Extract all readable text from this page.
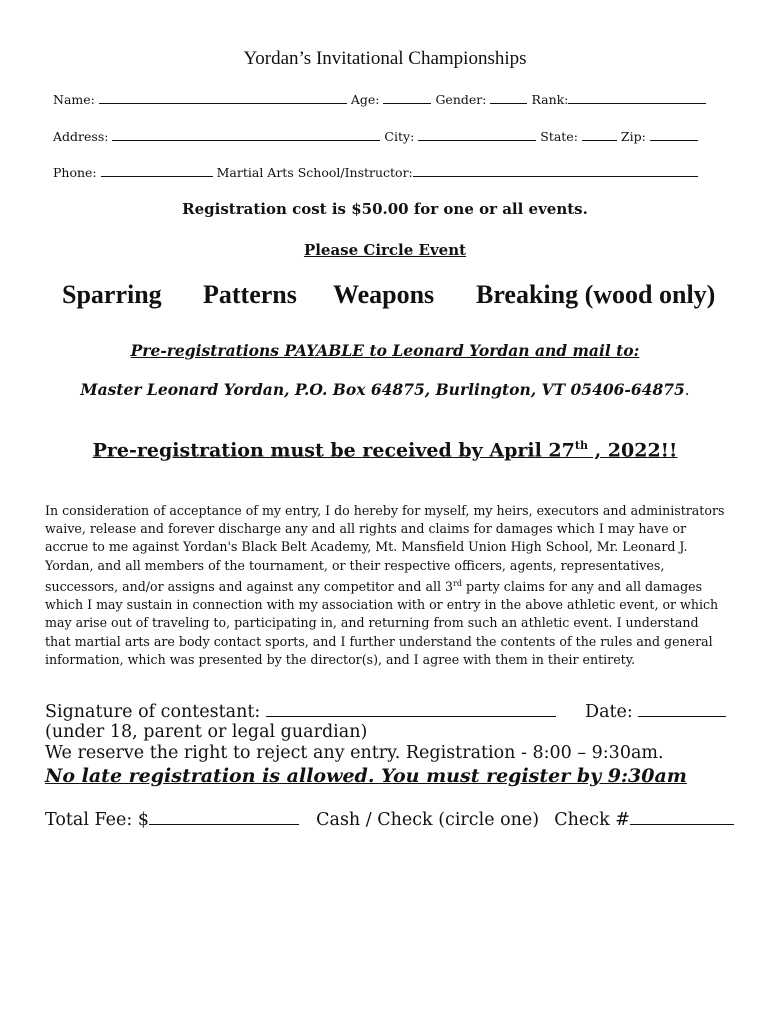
Yordan’s Invitational Championships
Name:	Age:	Gender:	Rank:
Address:	City:	State:	Zip:
Phone:	Martial Arts School/Instructor:
Registration cost is $50.00 for one or all events.
Please Circle Event
Sparring Patterns Weapons Breaking (wood only)
Pre-registrations PAYABLE to Leonard Yordan and mail to:
Master Leonard Yordan, P.O. Box 64875, Burlington, VT 05406-64875.
Pre-registration must be received by April 27th , 2022!!
In consideration of acceptance of my entry, I do hereby for myself, my heirs, executors and administrators waive, release and forever discharge any and all rights and claims for damages which I may have or accrue to me against Yordan's Black Belt Academy, Mt. Mansfield Union High School, Mr. Leonard J. Yordan, and all members of the tournament, or their respective officers, agents, representatives, successors, and/or assigns and against any competitor and all 3rd party claims for any and all damages which I may sustain in connection with my association with or entry in the above athletic event, or which may arise out of traveling to, participating in, and returning from such an athletic event. I understand that martial arts are body contact sports, and I further understand the contents of the rules and general information, which was presented by the director(s), and I agree with them in their entirety.
Signature of contestant:	Date:
(under 18, parent or legal guardian)
We reserve the right to reject any entry. Registration - 8:00 – 9:30am.
No late registration is allowed. You must register by 9:30am
Total Fee: $	Cash / Check (circle one) Check #
